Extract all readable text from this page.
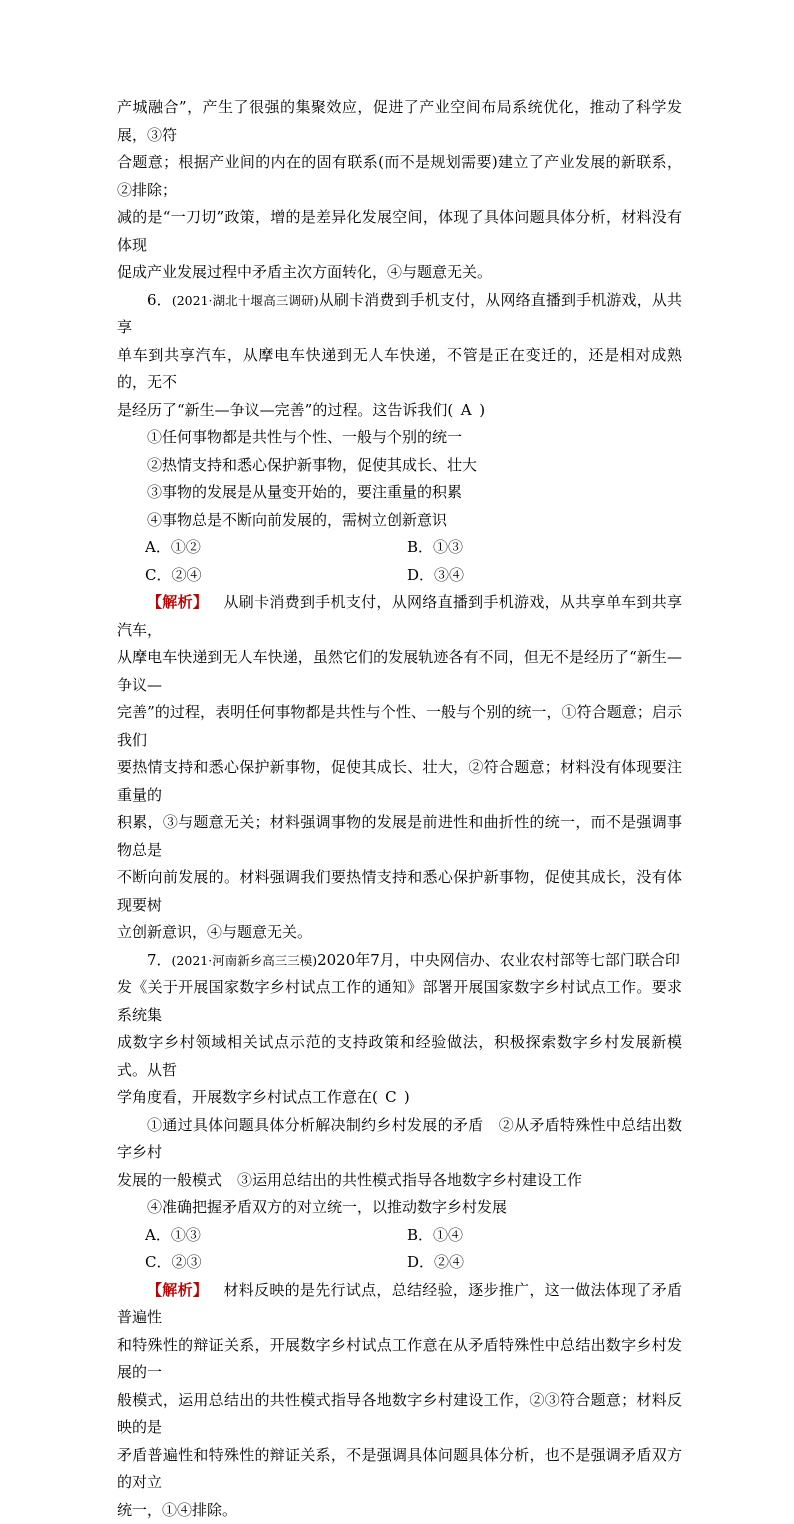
产城融合”，产生了很强的集聚效应，促进了产业空间布局系统优化，推动了科学发展，③符

合题意；根据产业间的内在的固有联系(而不是规划需要)建立了产业发展的新联系，②排除；

减的是“一刀切”政策，增的是差异化发展空间，体现了具体问题具体分析，材料没有体现

促成产业发展过程中矛盾主次方面转化，④与题意无关。

6．(2021·湖北十堰高三调研)从刷卡消费到手机支付，从网络直播到手机游戏，从共享

单车到共享汽车，从摩电车快递到无人车快递，不管是正在变迁的，还是相对成熟的，无不

是经历了“新生—争议—完善”的过程。这告诉我们( A )

①任何事物都是共性与个性、一般与个别的统一

②热情支持和悉心保护新事物，促使其成长、壮大

③事物的发展是从量变开始的，要注重量的积累

④事物总是不断向前发展的，需树立创新意识

A．①②	B．①③
C．②④	D．③④

【解析】  从刷卡消费到手机支付，从网络直播到手机游戏，从共享单车到共享汽车，

从摩电车快递到无人车快递，虽然它们的发展轨迹各有不同，但无不是经历了“新生—争议—

完善”的过程，表明任何事物都是共性与个性、一般与个别的统一，①符合题意；启示我们

要热情支持和悉心保护新事物，促使其成长、壮大，②符合题意；材料没有体现要注重量的

积累，③与题意无关；材料强调事物的发展是前进性和曲折性的统一，而不是强调事物总是

不断向前发展的。材料强调我们要热情支持和悉心保护新事物，促使其成长，没有体现要树

立创新意识，④与题意无关。

7．(2021·河南新乡高三三模)2020年7月，中央网信办、农业农村部等七部门联合印

发《关于开展国家数字乡村试点工作的通知》部署开展国家数字乡村试点工作。要求系统集

成数字乡村领域相关试点示范的支持政策和经验做法，积极探索数字乡村发展新模式。从哲

学角度看，开展数字乡村试点工作意在( C )

①通过具体问题具体分析解决制约乡村发展的矛盾　②从矛盾特殊性中总结出数字乡村

发展的一般模式　③运用总结出的共性模式指导各地数字乡村建设工作

④准确把握矛盾双方的对立统一，以推动数字乡村发展

A．①③	B．①④
C．②③	D．②④

【解析】  材料反映的是先行试点，总结经验，逐步推广，这一做法体现了矛盾普遍性

和特殊性的辩证关系，开展数字乡村试点工作意在从矛盾特殊性中总结出数字乡村发展的一

般模式，运用总结出的共性模式指导各地数字乡村建设工作，②③符合题意；材料反映的是

矛盾普遍性和特殊性的辩证关系，不是强调具体问题具体分析，也不是强调矛盾双方的对立

统一，①④排除。
